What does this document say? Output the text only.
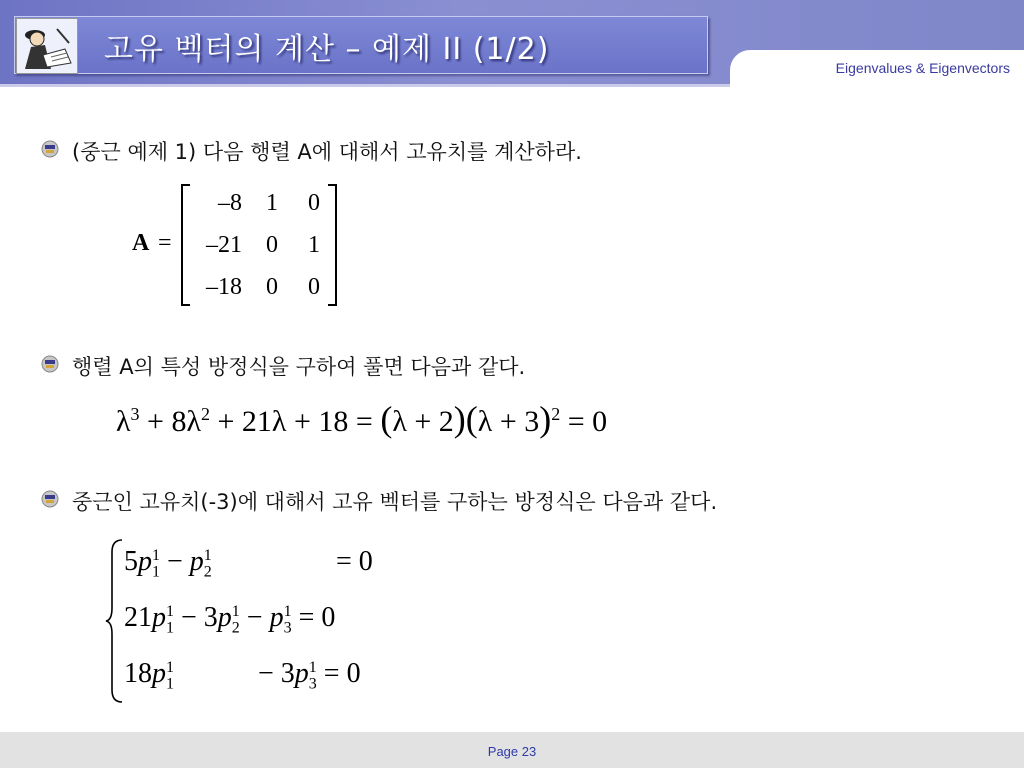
Eigenvalues & Eigenvectors
고유 벡터의 계산 – 예제 II (1/2)
(중근 예제 1) 다음 행렬 A에 대해서 고유치를 계산하라.
A =
–8 1 0
–21 0 1
–18 0 0
행렬 A의 특성 방정식을 구하여 풀면 다음과 같다.
$\lambda^3 + 8\lambda^2 + 21\lambda + 18 = (\lambda + 2)(\lambda + 3)^2 = 0$
중근인 고유치(-3)에 대해서 고유 벡터를 구하는 방정식은 다음과 같다.
$5p_1^1 - p_2^1$	= 0
$21p_1^1 - 3p_2^1 - p_3^1 = 0$
$18p_1^1$	− $3p_3^1 = 0$
Page 23
